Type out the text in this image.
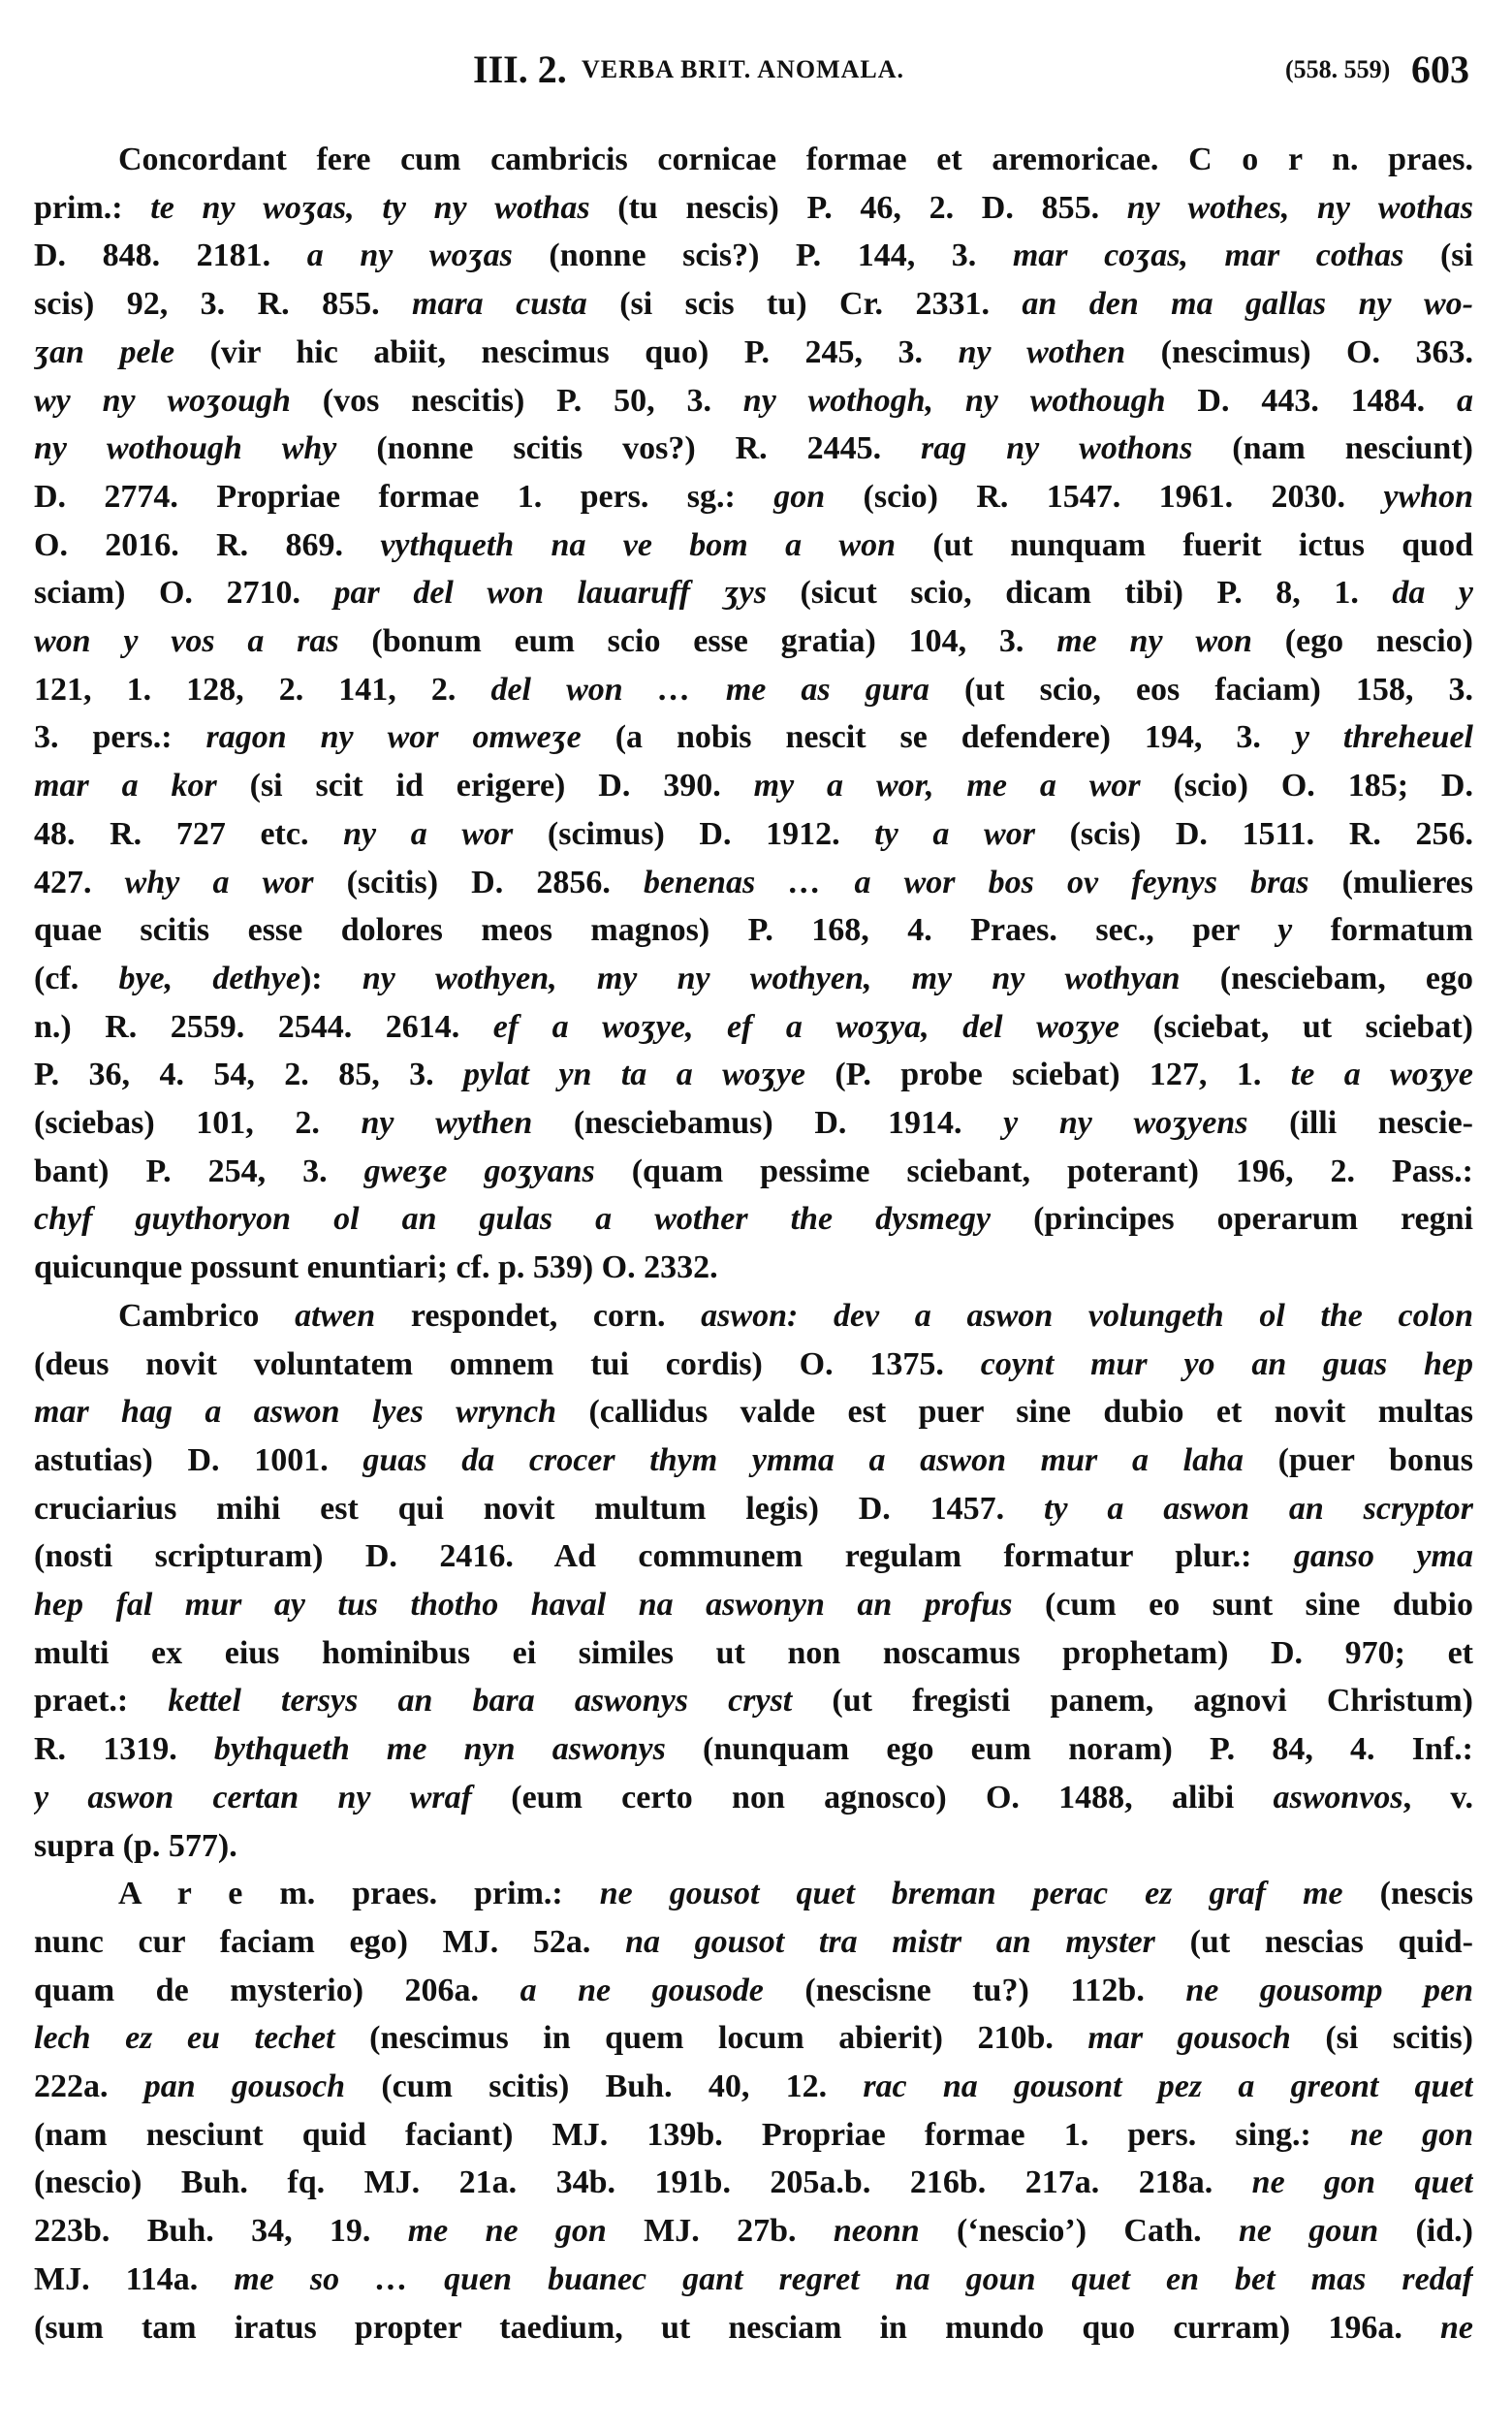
III. 2. VERBA BRIT. ANOMALA.	(558. 559) 603
Concordant fere cum cambricis cornicae formae et aremoricae. C o r n. praes.
prim.: te ny woʒas, ty ny wothas (tu nescis) P. 46, 2. D. 855. ny wothes, ny wothas
D. 848. 2181. a ny woʒas (nonne scis?) P. 144, 3. mar coʒas, mar cothas (si
scis) 92, 3. R. 855. mara custa (si scis tu) Cr. 2331. an den ma gallas ny wo-
ʒan pele (vir hic abiit, nescimus quo) P. 245, 3. ny wothen (nescimus) O. 363.
wy ny woʒough (vos nescitis) P. 50, 3. ny wothogh, ny wothough D. 443. 1484. a
ny wothough why (nonne scitis vos?) R. 2445. rag ny wothons (nam nesciunt)
D. 2774. Propriae formae 1. pers. sg.: gon (scio) R. 1547. 1961. 2030. ywhon
O. 2016. R. 869. vythqueth na ve bom a won (ut nunquam fuerit ictus quod
sciam) O. 2710. par del won lauaruff ʒys (sicut scio, dicam tibi) P. 8, 1. da y
won y vos a ras (bonum eum scio esse gratia) 104, 3. me ny won (ego nescio)
121, 1. 128, 2. 141, 2. del won … me as gura (ut scio, eos faciam) 158, 3.
3. pers.: ragon ny wor omweʒe (a nobis nescit se defendere) 194, 3. y threheuel
mar a kor (si scit id erigere) D. 390. my a wor, me a wor (scio) O. 185; D.
48. R. 727 etc. ny a wor (scimus) D. 1912. ty a wor (scis) D. 1511. R. 256.
427. why a wor (scitis) D. 2856. benenas … a wor bos ov feynys bras (mulieres
quae scitis esse dolores meos magnos) P. 168, 4. Praes. sec., per y formatum
(cf. bye, dethye): ny wothyen, my ny wothyen, my ny wothyan (nesciebam, ego
n.) R. 2559. 2544. 2614. ef a woʒye, ef a woʒya, del woʒye (sciebat, ut sciebat)
P. 36, 4. 54, 2. 85, 3. pylat yn ta a woʒye (P. probe sciebat) 127, 1. te a woʒye
(sciebas) 101, 2. ny wythen (nesciebamus) D. 1914. y ny woʒyens (illi nescie-
bant) P. 254, 3. gweʒe goʒyans (quam pessime sciebant, poterant) 196, 2. Pass.:
chyf guythoryon ol an gulas a wother the dysmegy (principes operarum regni
quicunque possunt enuntiari; cf. p. 539) O. 2332.
Cambrico atwen respondet, corn. aswon: dev a aswon volungeth ol the colon
(deus novit voluntatem omnem tui cordis) O. 1375. coynt mur yo an guas hep
mar hag a aswon lyes wrynch (callidus valde est puer sine dubio et novit multas
astutias) D. 1001. guas da crocer thym ymma a aswon mur a laha (puer bonus
cruciarius mihi est qui novit multum legis) D. 1457. ty a aswon an scryptor
(nosti scripturam) D. 2416. Ad communem regulam formatur plur.: ganso yma
hep fal mur ay tus thotho haval na aswonyn an profus (cum eo sunt sine dubio
multi ex eius hominibus ei similes ut non noscamus prophetam) D. 970; et
praet.: kettel tersys an bara aswonys cryst (ut fregisti panem, agnovi Christum)
R. 1319. bythqueth me nyn aswonys (nunquam ego eum noram) P. 84, 4. Inf.:
y aswon certan ny wraf (eum certo non agnosco) O. 1488, alibi aswonvos, v.
supra (p. 577).
A r e m. praes. prim.: ne gousot quet breman perac ez graf me (nescis
nunc cur faciam ego) MJ. 52a. na gousot tra mistr an myster (ut nescias quid-
quam de mysterio) 206a. a ne gousode (nescisne tu?) 112b. ne gousomp pen
lech ez eu techet (nescimus in quem locum abierit) 210b. mar gousoch (si scitis)
222a. pan gousoch (cum scitis) Buh. 40, 12. rac na gousont pez a greont quet
(nam nesciunt quid faciant) MJ. 139b. Propriae formae 1. pers. sing.: ne gon
(nescio) Buh. fq. MJ. 21a. 34b. 191b. 205a.b. 216b. 217a. 218a. ne gon quet
223b. Buh. 34, 19. me ne gon MJ. 27b. neonn (‘nescio’) Cath. ne goun (id.)
MJ. 114a. me so … quen buanec gant regret na goun quet en bet mas redaf
(sum tam iratus propter taedium, ut nesciam in mundo quo curram) 196a. ne
